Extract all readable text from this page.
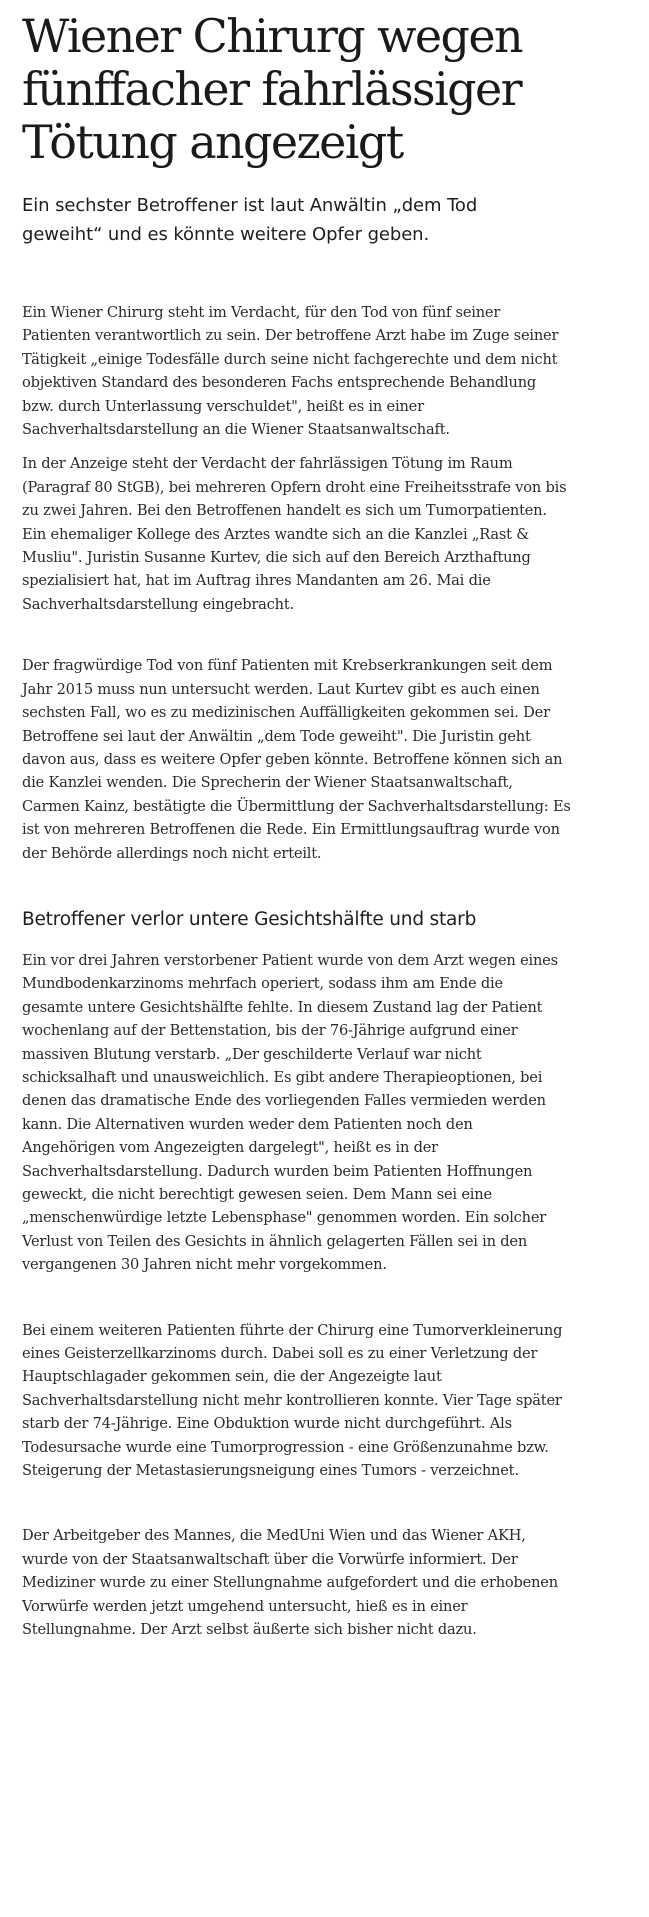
Wiener Chirurg wegen
fünffacher fahrlässiger
Tötung angezeigt

Ein sechster Betroffener ist laut Anwältin „dem Tod
geweiht“ und es könnte weitere Opfer geben.

Ein Wiener Chirurg steht im Verdacht, für den Tod von fünf seiner
Patienten verantwortlich zu sein. Der betroffene Arzt habe im Zuge seiner
Tätigkeit „einige Todesfälle durch seine nicht fachgerechte und dem nicht
objektiven Standard des besonderen Fachs entsprechende Behandlung
bzw. durch Unterlassung verschuldet", heißt es in einer
Sachverhaltsdarstellung an die Wiener Staatsanwaltschaft.

In der Anzeige steht der Verdacht der fahrlässigen Tötung im Raum
(Paragraf 80 StGB), bei mehreren Opfern droht eine Freiheitsstrafe von bis
zu zwei Jahren. Bei den Betroffenen handelt es sich um Tumorpatienten.
Ein ehemaliger Kollege des Arztes wandte sich an die Kanzlei „Rast &
Musliu". Juristin Susanne Kurtev, die sich auf den Bereich Arzthaftung
spezialisiert hat, hat im Auftrag ihres Mandanten am 26. Mai die
Sachverhaltsdarstellung eingebracht.

Der fragwürdige Tod von fünf Patienten mit Krebserkrankungen seit dem
Jahr 2015 muss nun untersucht werden. Laut Kurtev gibt es auch einen
sechsten Fall, wo es zu medizinischen Auffälligkeiten gekommen sei. Der
Betroffene sei laut der Anwältin „dem Tode geweiht". Die Juristin geht
davon aus, dass es weitere Opfer geben könnte. Betroffene können sich an
die Kanzlei wenden. Die Sprecherin der Wiener Staatsanwaltschaft,
Carmen Kainz, bestätigte die Übermittlung der Sachverhaltsdarstellung: Es
ist von mehreren Betroffenen die Rede. Ein Ermittlungsauftrag wurde von
der Behörde allerdings noch nicht erteilt.

Betroffener verlor untere Gesichtshälfte und starb

Ein vor drei Jahren verstorbener Patient wurde von dem Arzt wegen eines
Mundbodenkarzinoms mehrfach operiert, sodass ihm am Ende die
gesamte untere Gesichtshälfte fehlte. In diesem Zustand lag der Patient
wochenlang auf der Bettenstation, bis der 76-Jährige aufgrund einer
massiven Blutung verstarb. „Der geschilderte Verlauf war nicht
schicksalhaft und unausweichlich. Es gibt andere Therapieoptionen, bei
denen das dramatische Ende des vorliegenden Falles vermieden werden
kann. Die Alternativen wurden weder dem Patienten noch den
Angehörigen vom Angezeigten dargelegt", heißt es in der
Sachverhaltsdarstellung. Dadurch wurden beim Patienten Hoffnungen
geweckt, die nicht berechtigt gewesen seien. Dem Mann sei eine
„menschenwürdige letzte Lebensphase" genommen worden. Ein solcher
Verlust von Teilen des Gesichts in ähnlich gelagerten Fällen sei in den
vergangenen 30 Jahren nicht mehr vorgekommen.

Bei einem weiteren Patienten führte der Chirurg eine Tumorverkleinerung
eines Geisterzellkarzinoms durch. Dabei soll es zu einer Verletzung der
Hauptschlagader gekommen sein, die der Angezeigte laut
Sachverhaltsdarstellung nicht mehr kontrollieren konnte. Vier Tage später
starb der 74-Jährige. Eine Obduktion wurde nicht durchgeführt. Als
Todesursache wurde eine Tumorprogression - eine Größenzunahme bzw.
Steigerung der Metastasierungsneigung eines Tumors - verzeichnet.

Der Arbeitgeber des Mannes, die MedUni Wien und das Wiener AKH,
wurde von der Staatsanwaltschaft über die Vorwürfe informiert. Der
Mediziner wurde zu einer Stellungnahme aufgefordert und die erhobenen
Vorwürfe werden jetzt umgehend untersucht, hieß es in einer
Stellungnahme. Der Arzt selbst äußerte sich bisher nicht dazu.
